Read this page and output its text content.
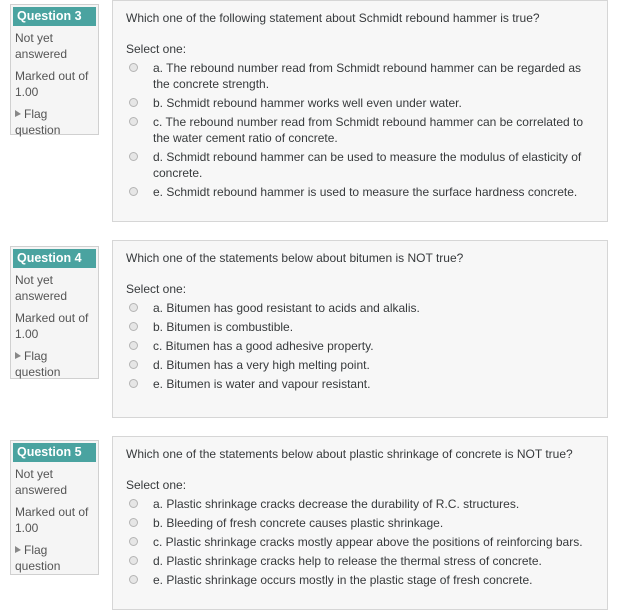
Question 3
Not yet answered
Marked out of 1.00
Flag question
Which one of the following statement about Schmidt rebound hammer is true?
Select one:
a. The rebound number read from Schmidt rebound hammer can be regarded as the concrete strength.
b. Schmidt rebound hammer works well even under water.
c. The rebound number read from Schmidt rebound hammer can be correlated to the water cement ratio of concrete.
d. Schmidt rebound hammer can be used to measure the modulus of elasticity of concrete.
e. Schmidt rebound hammer is used to measure the surface hardness concrete.
Question 4
Not yet answered
Marked out of 1.00
Flag question
Which one of the statements below about bitumen is NOT true?
Select one:
a. Bitumen has good resistant to acids and alkalis.
b. Bitumen is combustible.
c. Bitumen has a good adhesive property.
d. Bitumen has a very high melting point.
e. Bitumen is water and vapour resistant.
Question 5
Not yet answered
Marked out of 1.00
Flag question
Which one of the statements below about plastic shrinkage of concrete is NOT true?
Select one:
a. Plastic shrinkage cracks decrease the durability of R.C. structures.
b. Bleeding of fresh concrete causes plastic shrinkage.
c. Plastic shrinkage cracks mostly appear above the positions of reinforcing bars.
d. Plastic shrinkage cracks help to release the thermal stress of concrete.
e. Plastic shrinkage occurs mostly in the plastic stage of fresh concrete.
